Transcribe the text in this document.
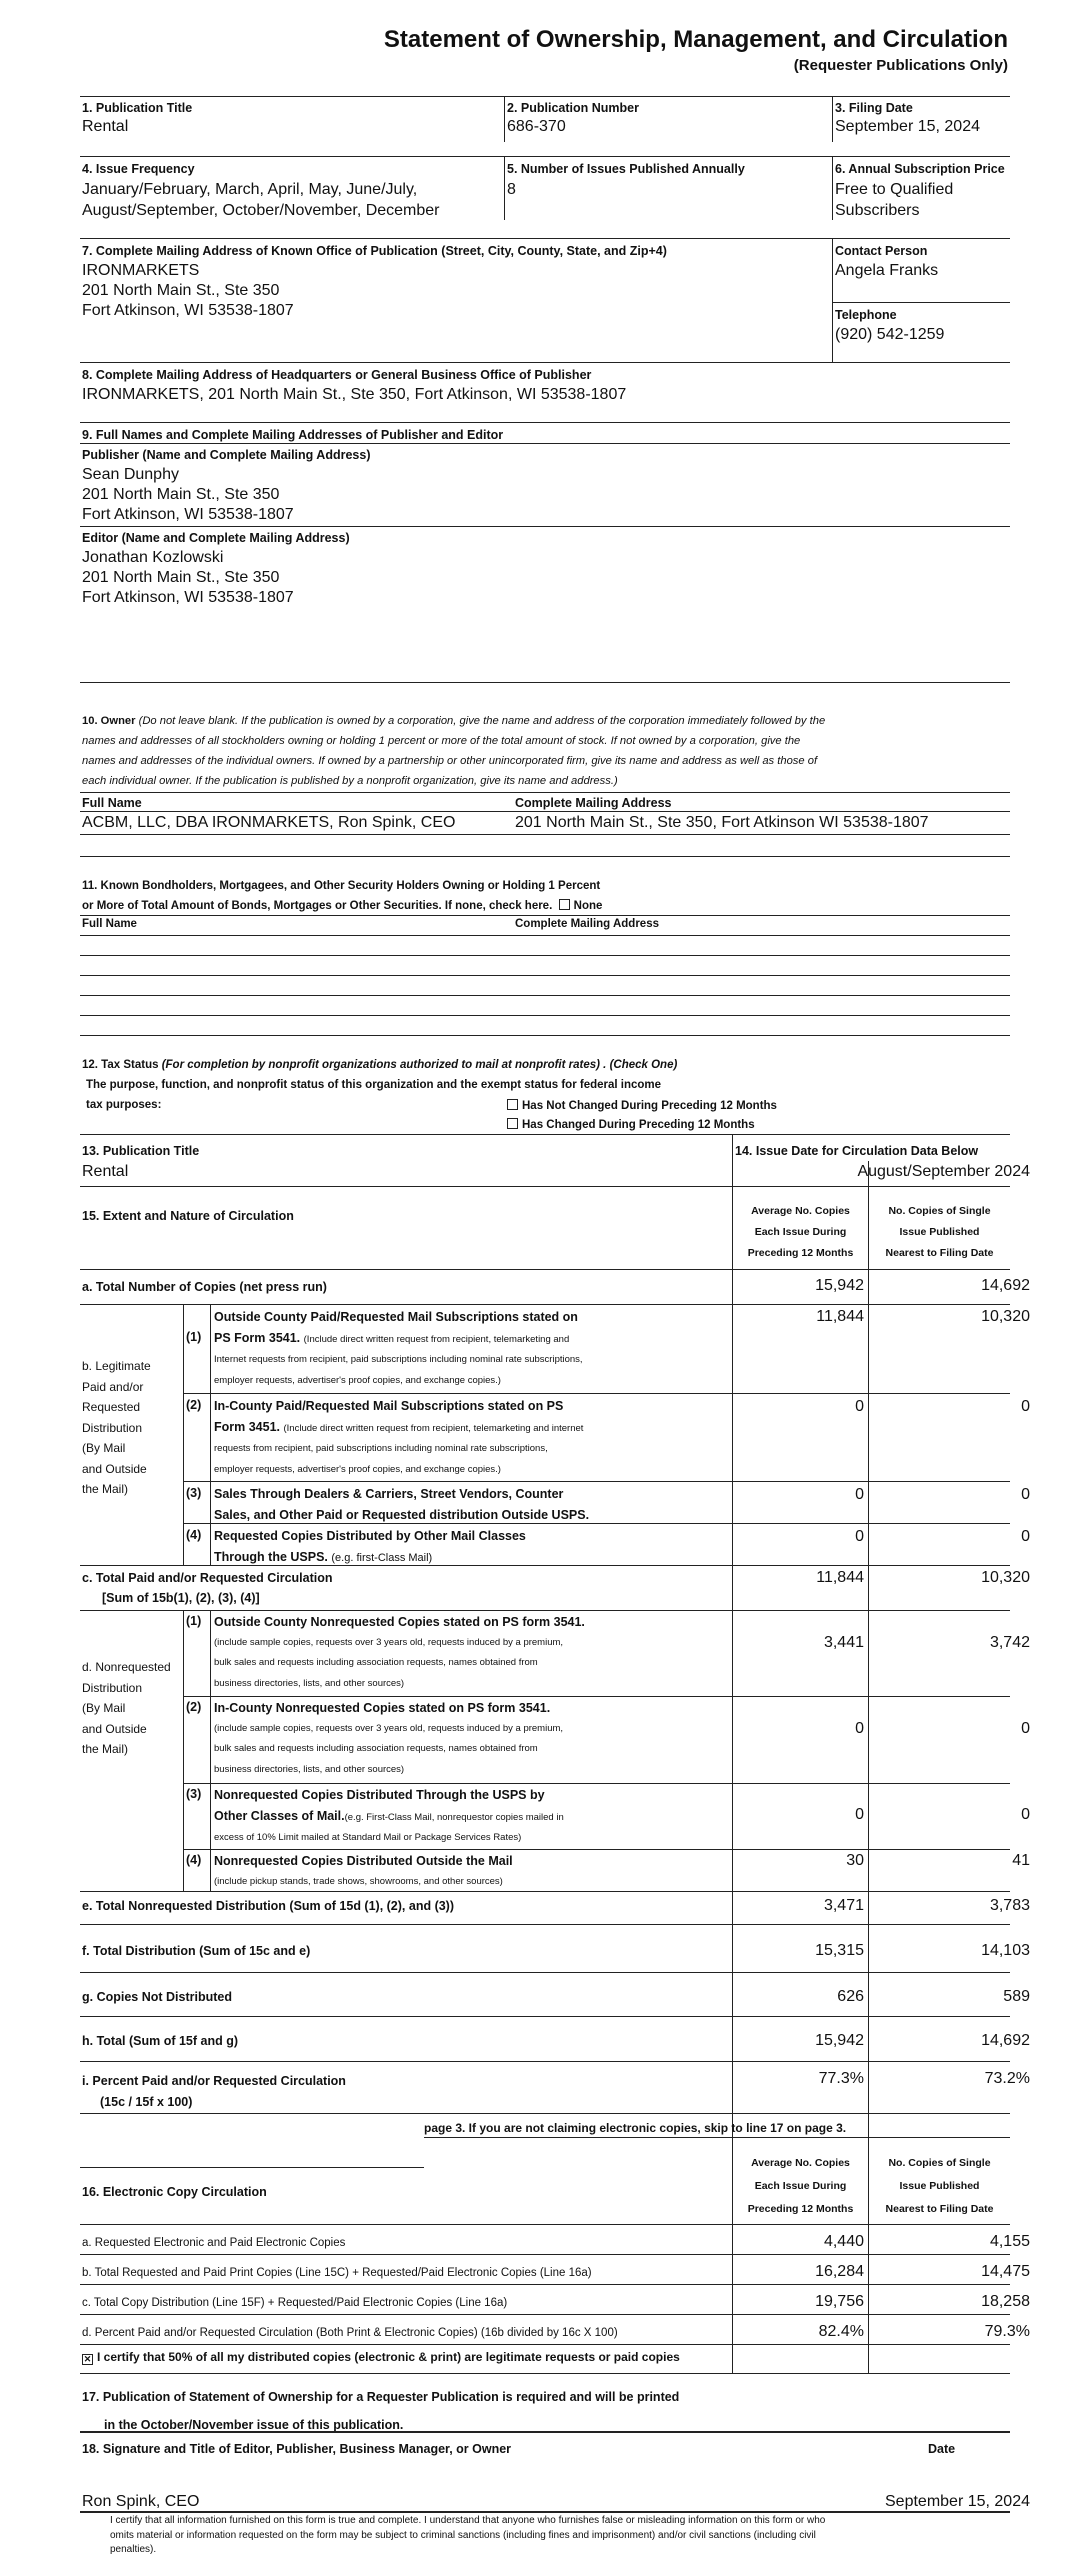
Statement of Ownership, Management, and Circulation
(Requester Publications Only)
1. Publication Title
Rental
2. Publication Number
686-370
3. Filing Date
September 15, 2024
4. Issue Frequency
January/February, March, April, May, June/July,
August/September, October/November, December
5. Number of Issues Published Annually
8
6. Annual Subscription Price
Free to Qualified
Subscribers
7. Complete Mailing Address of Known Office of Publication (Street, City, County, State, and Zip+4)
IRONMARKETS
201 North Main St., Ste 350
Fort Atkinson, WI 53538-1807
Contact Person
Angela Franks
Telephone
(920) 542-1259
8. Complete Mailing Address of Headquarters or General Business Office of Publisher
IRONMARKETS, 201 North Main St., Ste 350, Fort Atkinson, WI 53538-1807
9. Full Names and Complete Mailing Addresses of Publisher and Editor
Publisher (Name and Complete Mailing Address)
Sean Dunphy
201 North Main St., Ste 350
Fort Atkinson, WI 53538-1807
Editor (Name and Complete Mailing Address)
Jonathan Kozlowski
201 North Main St., Ste 350
Fort Atkinson, WI 53538-1807
10. Owner (Do not leave blank. If the publication is owned by a corporation, give the name and address of the corporation immediately followed by the
names and addresses of all stockholders owning or holding 1 percent or more of the total amount of stock. If not owned by a corporation, give the
names and addresses of the individual owners. If owned by a partnership or other unincorporated firm, give its name and address as well as those of
each individual owner. If the publication is published by a nonprofit organization, give its name and address.)
Full Name	Complete Mailing Address
ACBM, LLC, DBA IRONMARKETS, Ron Spink, CEO	201 North Main St., Ste 350, Fort Atkinson WI 53538-1807
11. Known Bondholders, Mortgagees, and Other Security Holders Owning or Holding 1 Percent
or More of Total Amount of Bonds, Mortgages or Other Securities. If none, check here. None
Full Name	Complete Mailing Address
12. Tax Status (For completion by nonprofit organizations authorized to mail at nonprofit rates) . (Check One)
The purpose, function, and nonprofit status of this organization and the exempt status for federal income
tax purposes:	Has Not Changed During Preceding 12 Months
Has Changed During Preceding 12 Months
13. Publication Title
Rental
14. Issue Date for Circulation Data Below
August/September 2024
15. Extent and Nature of Circulation	Average No. Copies
Each Issue During
Preceding 12 Months
No. Copies of Single
Issue Published
Nearest to Filing Date
a. Total Number of Copies (net press run)	15,942	14,692
b. Legitimate
Paid and/or
Requested
Distribution
(By Mail
and Outside
the Mail)
(1)
Outside County Paid/Requested Mail Subscriptions stated on
PS Form 3541. (Include direct written request from recipient, telemarketing and
Internet requests from recipient, paid subscriptions including nominal rate subscriptions,
employer requests, advertiser's proof copies, and exchange copies.)
11,844	10,320
(2) In-County Paid/Requested Mail Subscriptions stated on PS
Form 3451. (Include direct written request from recipient, telemarketing and internet
requests from recipient, paid subscriptions including nominal rate subscriptions,
employer requests, advertiser's proof copies, and exchange copies.)
0	0
(3) Sales Through Dealers & Carriers, Street Vendors, Counter
Sales, and Other Paid or Requested distribution Outside USPS.
0	0
(4) Requested Copies Distributed by Other Mail Classes
Through the USPS. (e.g. first-Class Mail)
0	0
c. Total Paid and/or Requested Circulation
[Sum of 15b(1), (2), (3), (4)]
11,844	10,320
d. Nonrequested
Distribution
(By Mail
and Outside
the Mail)
(1) Outside County Nonrequested Copies stated on PS form 3541.
(include sample copies, requests over 3 years old, requests induced by a premium,
bulk sales and requests including association requests, names obtained from
business directories, lists, and other sources)
3,441	3,742
(2) In-County Nonrequested Copies stated on PS form 3541.
(include sample copies, requests over 3 years old, requests induced by a premium,
bulk sales and requests including association requests, names obtained from
business directories, lists, and other sources)
0	0
(3) Nonrequested Copies Distributed Through the USPS by
Other Classes of Mail.(e.g. First-Class Mail, nonrequestor copies mailed in
excess of 10% Limit mailed at Standard Mail or Package Services Rates)
0	0
(4) Nonrequested Copies Distributed Outside the Mail
(include pickup stands, trade shows, showrooms, and other sources)
30	41
e. Total Nonrequested Distribution (Sum of 15d (1), (2), and (3))	3,471	3,783
f. Total Distribution (Sum of 15c and e)	15,315	14,103
g. Copies Not Distributed	626	589
h. Total (Sum of 15f and g)	15,942	14,692
i. Percent Paid and/or Requested Circulation
(15c / 15f x 100)
77.3%	73.2%
page 3. If you are not claiming electronic copies, skip to line 17 on page 3.
Average No. Copies
Each Issue During
Preceding 12 Months
No. Copies of Single
Issue Published
Nearest to Filing Date
16. Electronic Copy Circulation
a. Requested Electronic and Paid Electronic Copies	4,440	4,155
b. Total Requested and Paid Print Copies (Line 15C) + Requested/Paid Electronic Copies (Line 16a)	16,284	14,475
c. Total Copy Distribution (Line 15F) + Requested/Paid Electronic Copies (Line 16a)	19,756	18,258
d. Percent Paid and/or Requested Circulation (Both Print & Electronic Copies) (16b divided by 16c X 100)	82.4%	79.3%
✕ I certify that 50% of all my distributed copies (electronic & print) are legitimate requests or paid copies
17. Publication of Statement of Ownership for a Requester Publication is required and will be printed
in the October/November issue of this publication.
18. Signature and Title of Editor, Publisher, Business Manager, or Owner	Date
Ron Spink, CEO	September 15, 2024
I certify that all information furnished on this form is true and complete. I understand that anyone who furnishes false or misleading information on this form or who
omits material or information requested on the form may be subject to criminal sanctions (including fines and imprisonment) and/or civil sanctions (including civil
penalties).
